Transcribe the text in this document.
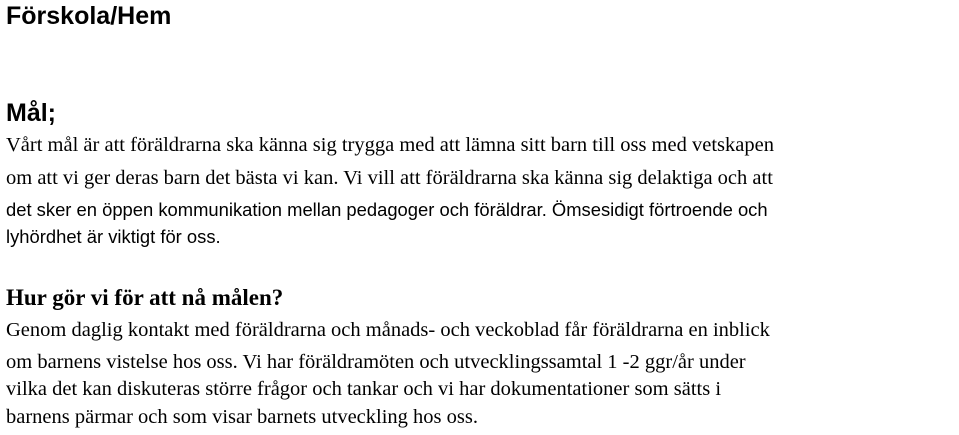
Förskola/Hem
Mål;

Vårt mål är att föräldrarna ska känna sig trygga med att lämna sitt barn till oss med vetskapen

om att vi ger deras barn det bästa vi kan. Vi vill att föräldrarna ska känna sig delaktiga och att

det sker en öppen kommunikation mellan pedagoger och föräldrar. Ömsesidigt förtroende och

lyhördhet är viktigt för oss.

Hur gör vi för att nå målen?

Genom daglig kontakt med föräldrarna och månads- och veckoblad får föräldrarna en inblick

om barnens vistelse hos oss. Vi har föräldramöten och utvecklingssamtal 1 -2 ggr/år under

vilka det kan diskuteras större frågor och tankar och vi har dokumentationer som sätts i

barnens pärmar och som visar barnets utveckling hos oss.
